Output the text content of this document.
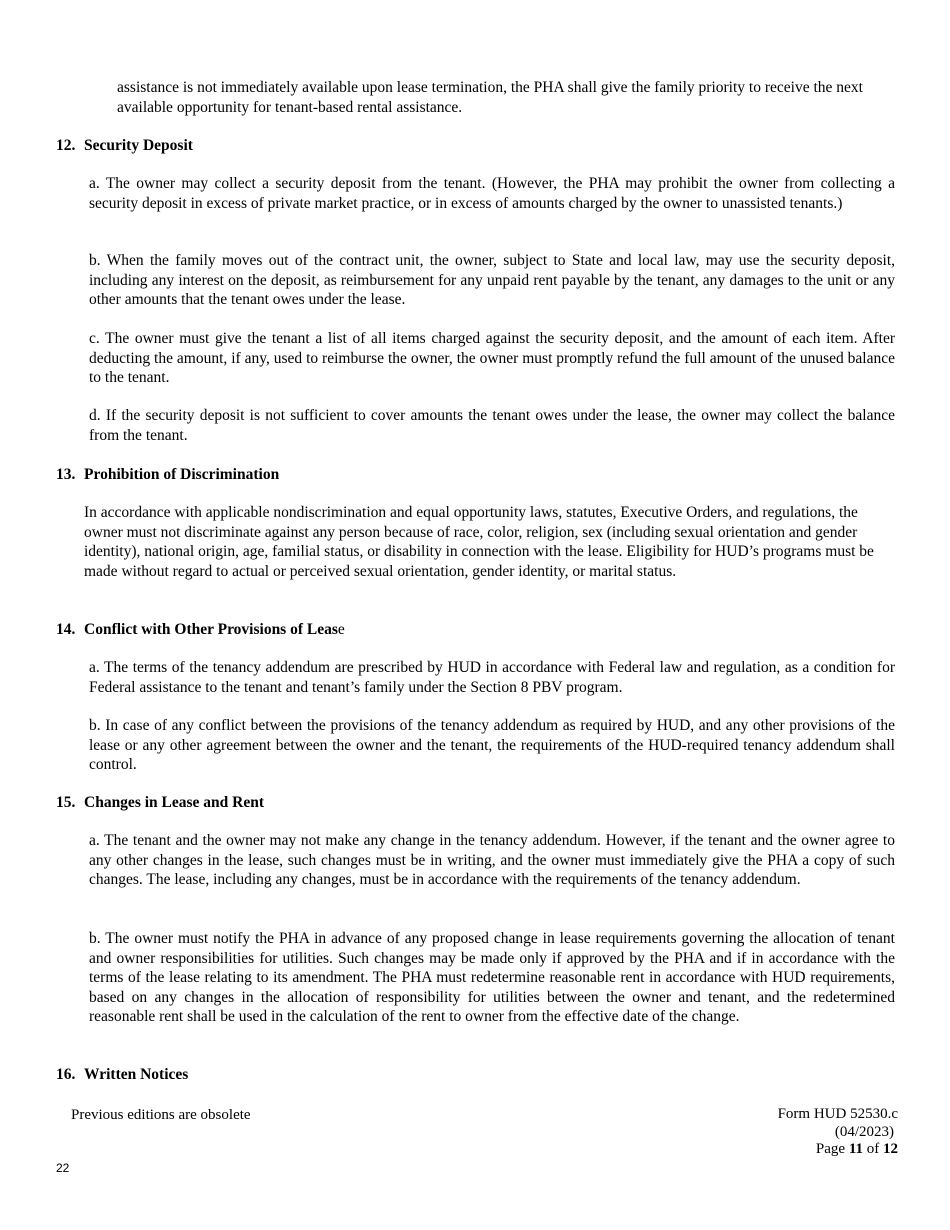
assistance is not immediately available upon lease termination, the PHA shall give the family priority to receive the next available opportunity for tenant-based rental assistance.

12. Security Deposit

a. The owner may collect a security deposit from the tenant. (However, the PHA may prohibit the owner from collecting a security deposit in excess of private market practice, or in excess of amounts charged by the owner to unassisted tenants.)

b. When the family moves out of the contract unit, the owner, subject to State and local law, may use the security deposit, including any interest on the deposit, as reimbursement for any unpaid rent payable by the tenant, any damages to the unit or any other amounts that the tenant owes under the lease.

c. The owner must give the tenant a list of all items charged against the security deposit, and the amount of each item. After deducting the amount, if any, used to reimburse the owner, the owner must promptly refund the full amount of the unused balance to the tenant.

d. If the security deposit is not sufficient to cover amounts the tenant owes under the lease, the owner may collect the balance from the tenant.

13. Prohibition of Discrimination

In accordance with applicable nondiscrimination and equal opportunity laws, statutes, Executive Orders, and regulations, the owner must not discriminate against any person because of race, color, religion, sex (including sexual orientation and gender identity), national origin, age, familial status, or disability in connection with the lease. Eligibility for HUD’s programs must be made without regard to actual or perceived sexual orientation, gender identity, or marital status.

14. Conflict with Other Provisions of Lease

a. The terms of the tenancy addendum are prescribed by HUD in accordance with Federal law and regulation, as a condition for Federal assistance to the tenant and tenant’s family under the Section 8 PBV program.

b. In case of any conflict between the provisions of the tenancy addendum as required by HUD, and any other provisions of the lease or any other agreement between the owner and the tenant, the requirements of the HUD-required tenancy addendum shall control.

15. Changes in Lease and Rent

a. The tenant and the owner may not make any change in the tenancy addendum. However, if the tenant and the owner agree to any other changes in the lease, such changes must be in writing, and the owner must immediately give the PHA a copy of such changes. The lease, including any changes, must be in accordance with the requirements of the tenancy addendum.

b. The owner must notify the PHA in advance of any proposed change in lease requirements governing the allocation of tenant and owner responsibilities for utilities. Such changes may be made only if approved by the PHA and if in accordance with the terms of the lease relating to its amendment. The PHA must redetermine reasonable rent in accordance with HUD requirements, based on any changes in the allocation of responsibility for utilities between the owner and tenant, and the redetermined reasonable rent shall be used in the calculation of the rent to owner from the effective date of the change.

16. Written Notices
Previous editions are obsolete	Form HUD 52530.c
(04/2023)
Page 11 of 12
22
